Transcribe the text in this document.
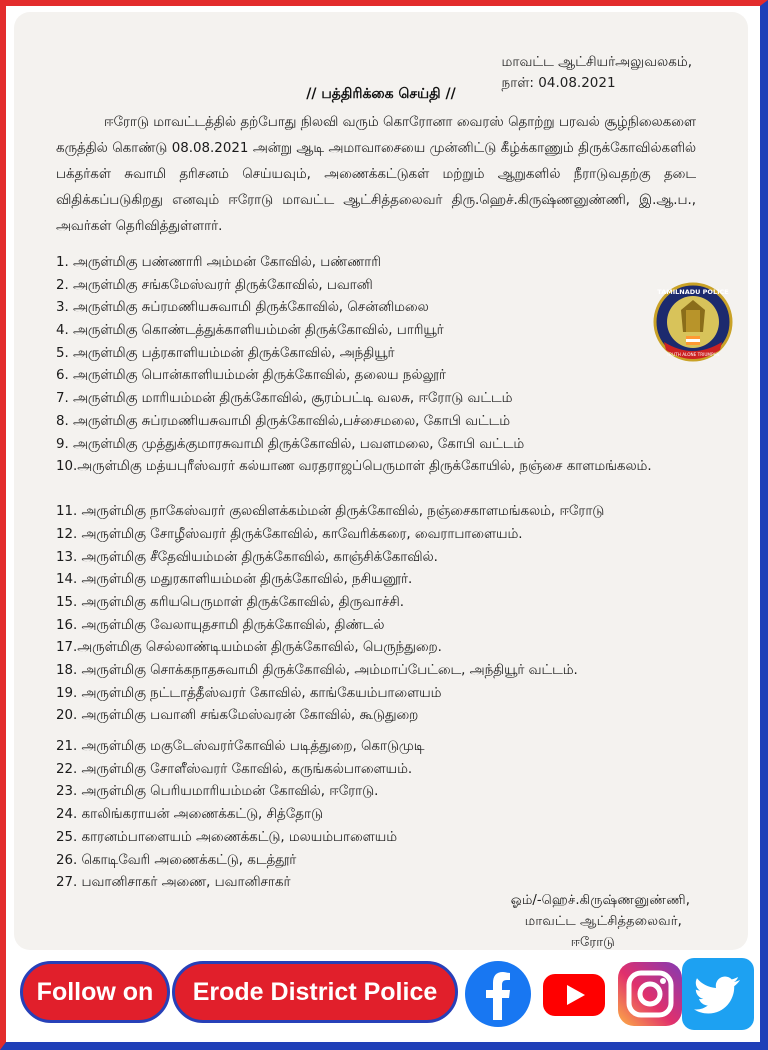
மாவட்ட ஆட்சியர்அலுவலகம்,
நாள்: 04.08.2021
// பத்திரிக்கை செய்தி //
ஈரோடு மாவட்டத்தில் தற்போது நிலவி வரும் கொரோனா வைரஸ் தொற்று பரவல் சூழ்நிலைகளை கருத்தில் கொண்டு 08.08.2021 அன்று ஆடி அமாவாசையை முன்னிட்டு கீழ்க்காணும் திருக்கோவில்களில் பக்தர்கள் சுவாமி தரிசனம் செய்யவும், அணைக்கட்டுகள் மற்றும் ஆறுகளில் நீராடுவதற்கு தடை விதிக்கப்படுகிறது எனவும் ஈரோடு மாவட்ட ஆட்சித்தலைவர் திரு.ஹெச்.கிருஷ்ணனுண்ணி, இ.ஆ.ப., அவர்கள் தெரிவித்துள்ளார்.
1. அருள்மிகு பண்ணாரி அம்மன் கோவில், பண்ணாரி
2. அருள்மிகு சங்கமேஸ்வரர் திருக்கோவில், பவானி
3. அருள்மிகு சுப்ரமணியசுவாமி திருக்கோவில், சென்னிமலை
4. அருள்மிகு கொண்டத்துக்காளியம்மன் திருக்கோவில், பாரியூர்
5. அருள்மிகு பத்ரகாளியம்மன் திருக்கோவில், அந்தியூர்
6. அருள்மிகு பொன்காளியம்மன் திருக்கோவில், தலைய நல்லூர்
7. அருள்மிகு மாரியம்மன் திருக்கோவில், சூரம்பட்டி வலசு, ஈரோடு வட்டம்
8. அருள்மிகு சுப்ரமணியசுவாமி திருக்கோவில்,பச்சைமலை, கோபி வட்டம்
9. அருள்மிகு முத்துக்குமாரசுவாமி திருக்கோவில், பவளமலை, கோபி வட்டம்
10.அருள்மிகு மத்யபுரீஸ்வரர் கல்யாண வரதராஜப்பெருமாள் திருக்கோயில், நஞ்சை காளமங்கலம்.
11. அருள்மிகு நாகேஸ்வரர் குலவிளக்கம்மன் திருக்கோவில், நஞ்சைகாளமங்கலம், ஈரோடு
12. அருள்மிகு சோழீஸ்வரர் திருக்கோவில், காவேரிக்கரை, வைராபாளையம்.
13. அருள்மிகு சீதேவியம்மன் திருக்கோவில், காஞ்சிக்கோவில்.
14. அருள்மிகு மதுரகாளியம்மன் திருக்கோவில், நசியனூர்.
15. அருள்மிகு கரியபெருமாள் திருக்கோவில், திருவாச்சி.
16. அருள்மிகு வேலாயுதசாமி திருக்கோவில், திண்டல்
17.அருள்மிகு செல்லாண்டியம்மன் திருக்கோவில், பெருந்துறை.
18. அருள்மிகு சொக்கநாதசுவாமி திருக்கோவில், அம்மாப்பேட்டை, அந்தியூர் வட்டம்.
19. அருள்மிகு நட்டாத்தீஸ்வரர் கோவில், காங்கேயம்பாளையம்
20. அருள்மிகு பவானி சங்கமேஸ்வரன் கோவில், கூடுதுறை
21. அருள்மிகு மகுடேஸ்வரர்கோவில் படித்துறை, கொடுமுடி
22. அருள்மிகு சோளீஸ்வரர் கோவில், கருங்கல்பாளையம்.
23. அருள்மிகு பெரியமாரியம்மன் கோவில், ஈரோடு.
24. காலிங்கராயன் அணைக்கட்டு, சித்தோடு
25. காரனம்பாளையம் அணைக்கட்டு, மலயம்பாளையம்
26. கொடிவேரி அணைக்கட்டு, கடத்தூர்
27. பவானிசாகர் அணை, பவானிசாகர்
ஓம்/-ஹெச்.கிருஷ்ணனுண்ணி,
மாவட்ட ஆட்சித்தலைவர்,
ஈரோடு
TAMILNADU POLICE
TRUTH ALONE TRIUMPHS
Follow on	Erode District Police
